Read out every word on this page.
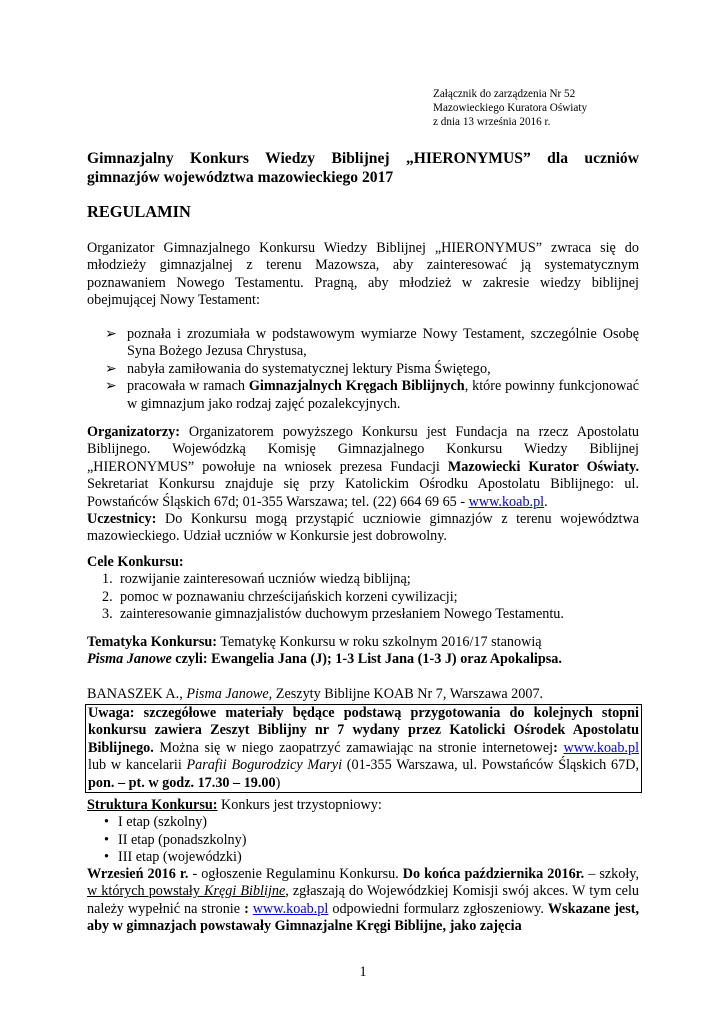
Załącznik do zarządzenia Nr 52
Mazowieckiego Kuratora Oświaty
z dnia 13 września 2016 r.
Gimnazjalny Konkurs Wiedzy Biblijnej „HIERONYMUS” dla uczniów gimnazjów województwa mazowieckiego 2017
REGULAMIN

Organizator Gimnazjalnego Konkursu Wiedzy Biblijnej „HIERONYMUS” zwraca się do młodzieży gimnazjalnej z terenu Mazowsza, aby zainteresować ją systematycznym poznawaniem Nowego Testamentu. Pragną, aby młodzież w zakresie wiedzy biblijnej obejmującej Nowy Testament:

➢ poznała i zrozumiała w podstawowym wymiarze Nowy Testament, szczególnie Osobę Syna Bożego Jezusa Chrystusa,
➢ nabyła zamiłowania do systematycznej lektury Pisma Świętego,
➢ pracowała w ramach Gimnazjalnych Kręgach Biblijnych, które powinny funkcjonować w gimnazjum jako rodzaj zajęć pozalekcyjnych.

Organizatorzy: Organizatorem powyższego Konkursu jest Fundacja na rzecz Apostolatu Biblijnego. Wojewódzką Komisję Gimnazjalnego Konkursu Wiedzy Biblijnej „HIERONYMUS” powołuje na wniosek prezesa Fundacji Mazowiecki Kurator Oświaty. Sekretariat Konkursu znajduje się przy Katolickim Ośrodku Apostolatu Biblijnego: ul. Powstańców Śląskich 67d; 01-355 Warszawa; tel. (22) 664 69 65 - www.koab.pl.

Uczestnicy: Do Konkursu mogą przystąpić uczniowie gimnazjów z terenu województwa mazowieckiego. Udział uczniów w Konkursie jest dobrowolny.

Cele Konkursu:

1. rozwijanie zainteresowań uczniów wiedzą biblijną;
2. pomoc w poznawaniu chrześcijańskich korzeni cywilizacji;
3. zainteresowanie gimnazjalistów duchowym przesłaniem Nowego Testamentu.

Tematyka Konkursu: Tematykę Konkursu w roku szkolnym 2016/17 stanowią

Pisma Janowe czyli: Ewangelia Jana (J); 1-3 List Jana (1-3 J) oraz Apokalipsa.

BANASZEK A., Pisma Janowe, Zeszyty Biblijne KOAB Nr 7, Warszawa 2007.

Uwaga: szczegółowe materiały będące podstawą przygotowania do kolejnych stopni konkursu zawiera Zeszyt Biblijny nr 7 wydany przez Katolicki Ośrodek Apostolatu Biblijnego. Można się w niego zaopatrzyć zamawiając na stronie internetowej: www.koab.pl lub w kancelarii Parafii Bogurodzicy Maryi (01-355 Warszawa, ul. Powstańców Śląskich 67D, pon. – pt. w godz. 17.30 – 19.00)

Struktura Konkursu: Konkurs jest trzystopniowy:

• I etap (szkolny)
• II etap (ponadszkolny)
• III etap (wojewódzki)

Wrzesień 2016 r. - ogłoszenie Regulaminu Konkursu. Do końca października 2016r. – szkoły, w których powstały Kręgi Biblijne, zgłaszają do Wojewódzkiej Komisji swój akces. W tym celu należy wypełnić na stronie : www.koab.pl odpowiedni formularz zgłoszeniowy. Wskazane jest, aby w gimnazjach powstawały Gimnazjalne Kręgi Biblijne, jako zajęcia

1
